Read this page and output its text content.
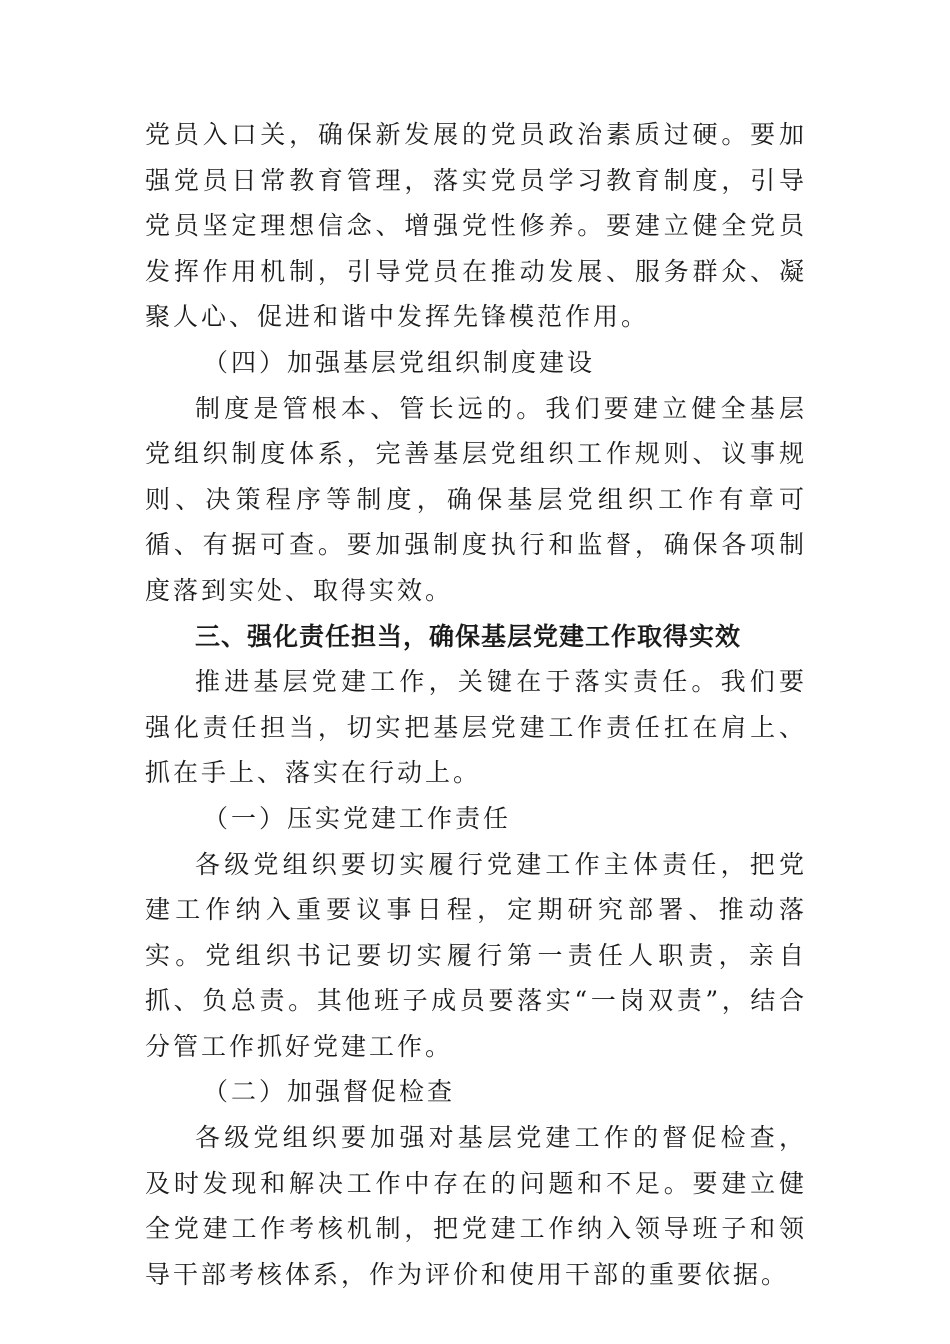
党员入口关，确保新发展的党员政治素质过硬。要加强党员日常教育管理，落实党员学习教育制度，引导党员坚定理想信念、增强党性修养。要建立健全党员发挥作用机制，引导党员在推动发展、服务群众、凝聚人心、促进和谐中发挥先锋模范作用。

（四）加强基层党组织制度建设

制度是管根本、管长远的。我们要建立健全基层党组织制度体系，完善基层党组织工作规则、议事规则、决策程序等制度，确保基层党组织工作有章可循、有据可查。要加强制度执行和监督，确保各项制度落到实处、取得实效。

三、强化责任担当，确保基层党建工作取得实效

推进基层党建工作，关键在于落实责任。我们要强化责任担当，切实把基层党建工作责任扛在肩上、抓在手上、落实在行动上。

（一）压实党建工作责任

各级党组织要切实履行党建工作主体责任，把党建工作纳入重要议事日程，定期研究部署、推动落实。党组织书记要切实履行第一责任人职责，亲自抓、负总责。其他班子成员要落实“一岗双责”，结合分管工作抓好党建工作。

（二）加强督促检查

各级党组织要加强对基层党建工作的督促检查，及时发现和解决工作中存在的问题和不足。要建立健全党建工作考核机制，把党建工作纳入领导班子和领导干部考核体系，作为评价和使用干部的重要依据。
